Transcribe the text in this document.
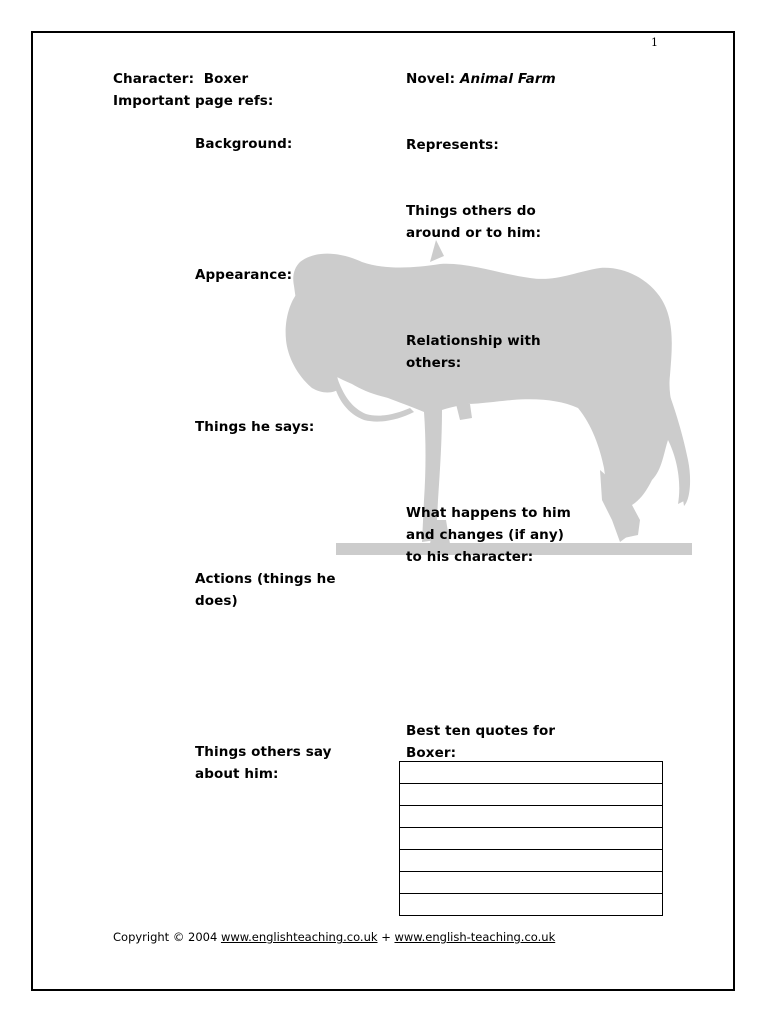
1
Character: Boxer
Important page refs:
Novel: Animal Farm
Background:
Appearance:
Things he says:
Actions (things he
does)
Things others say
about him:
Represents:
Things others do
around or to him:
Relationship with
others:
What happens to him
and changes (if any)
to his character:
Best ten quotes for
Boxer:

Copyright © 2004 www.englishteaching.co.uk + www.english-teaching.co.uk
